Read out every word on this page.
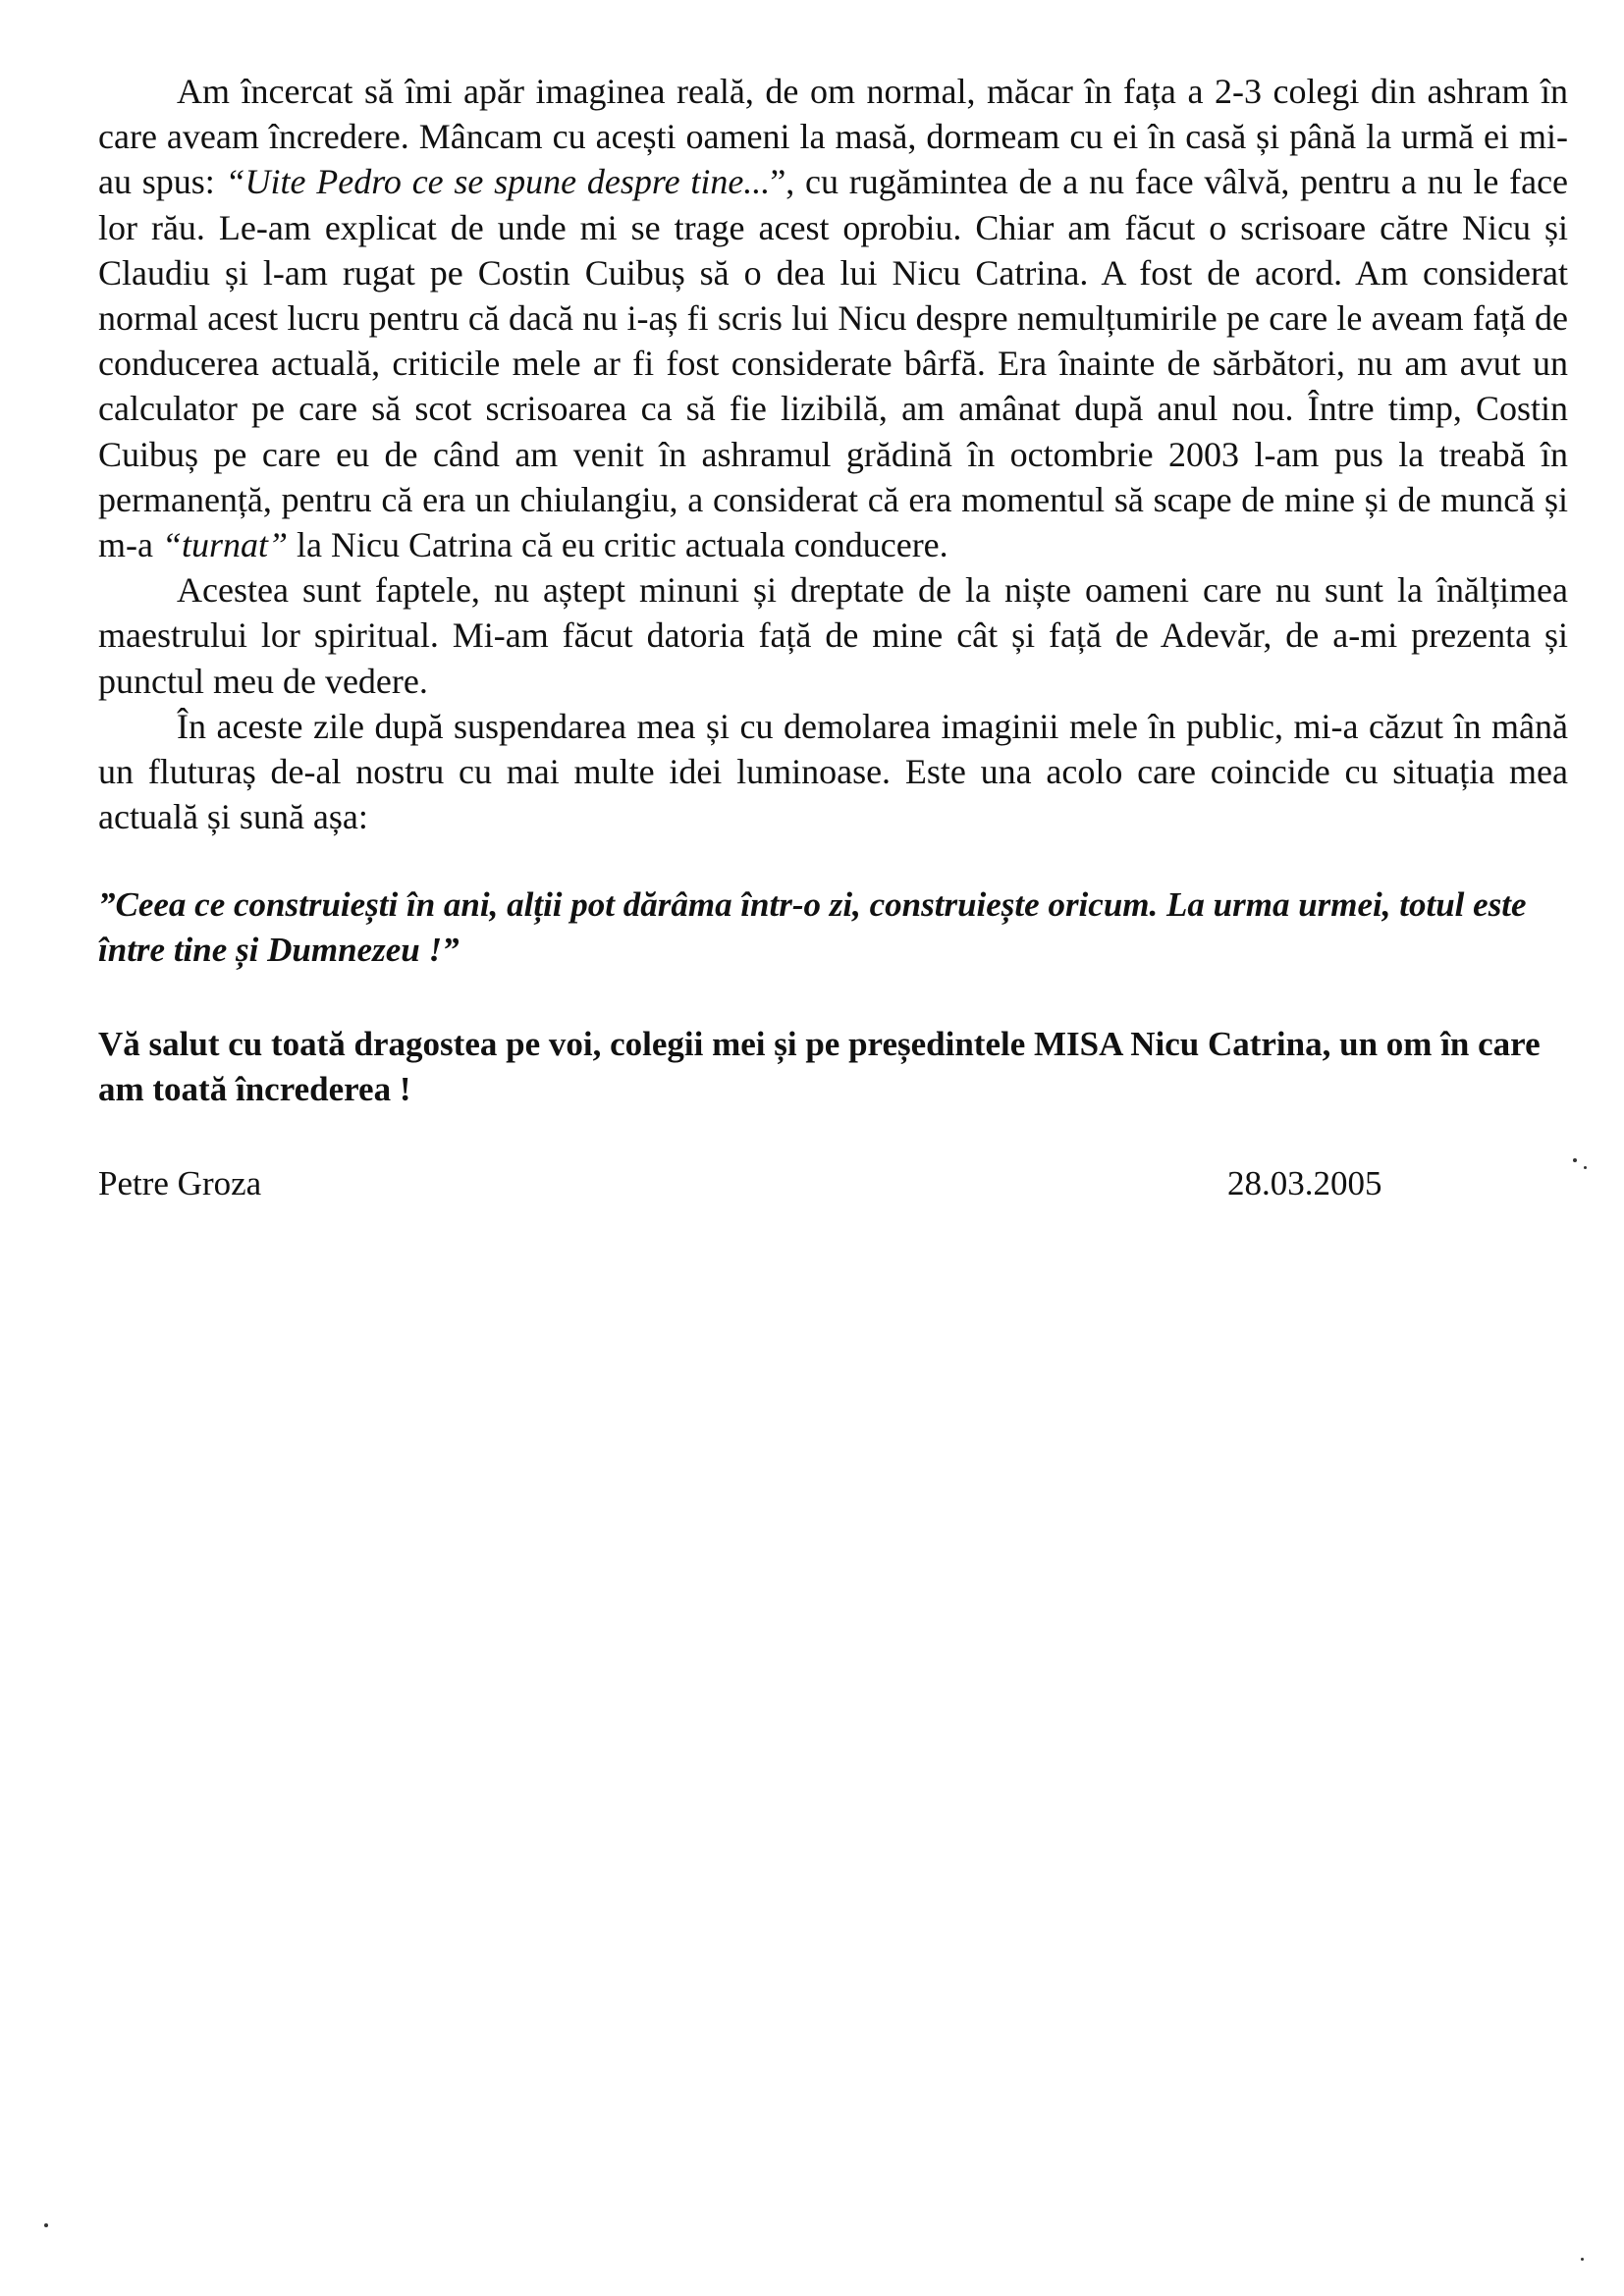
Am încercat să îmi apăr imaginea reală, de om normal, măcar în fața a 2-3 colegi din ashram în care aveam încredere. Mâncam cu acești oameni la masă, dormeam cu ei în casă și până la urmă ei mi-au spus: “Uite Pedro ce se spune despre tine...”, cu rugămintea de a nu face vâlvă, pentru a nu le face lor rău. Le-am explicat de unde mi se trage acest oprobiu. Chiar am făcut o scrisoare către Nicu și Claudiu și l-am rugat pe Costin Cuibuș să o dea lui Nicu Catrina. A fost de acord. Am considerat normal acest lucru pentru că dacă nu i-aș fi scris lui Nicu despre nemulțumirile pe care le aveam față de conducerea actuală, criticile mele ar fi fost considerate bârfă. Era înainte de sărbători, nu am avut un calculator pe care să scot scrisoarea ca să fie lizibilă, am amânat după anul nou. Între timp, Costin Cuibuș pe care eu de când am venit în ashramul grădină în octombrie 2003 l-am pus la treabă în permanență, pentru că era un chiulangiu, a considerat că era momentul să scape de mine și de muncă și m-a “turnat” la Nicu Catrina că eu critic actuala conducere.

Acestea sunt faptele, nu aștept minuni și dreptate de la niște oameni care nu sunt la înălțimea maestrului lor spiritual. Mi-am făcut datoria față de mine cât și față de Adevăr, de a-mi prezenta și punctul meu de vedere.

În aceste zile după suspendarea mea și cu demolarea imaginii mele în public, mi-a căzut în mână un fluturaș de-al nostru cu mai multe idei luminoase. Este una acolo care coincide cu situația mea actuală și sună așa:

”Ceea ce construiești în ani, alții pot dărâma într-o zi, construiește oricum. La urma urmei, totul este între tine și Dumnezeu !”

Vă salut cu toată dragostea pe voi, colegii mei și pe președintele MISA Nicu Catrina, un om în care am toată încrederea !

Petre Groza	28.03.2005
